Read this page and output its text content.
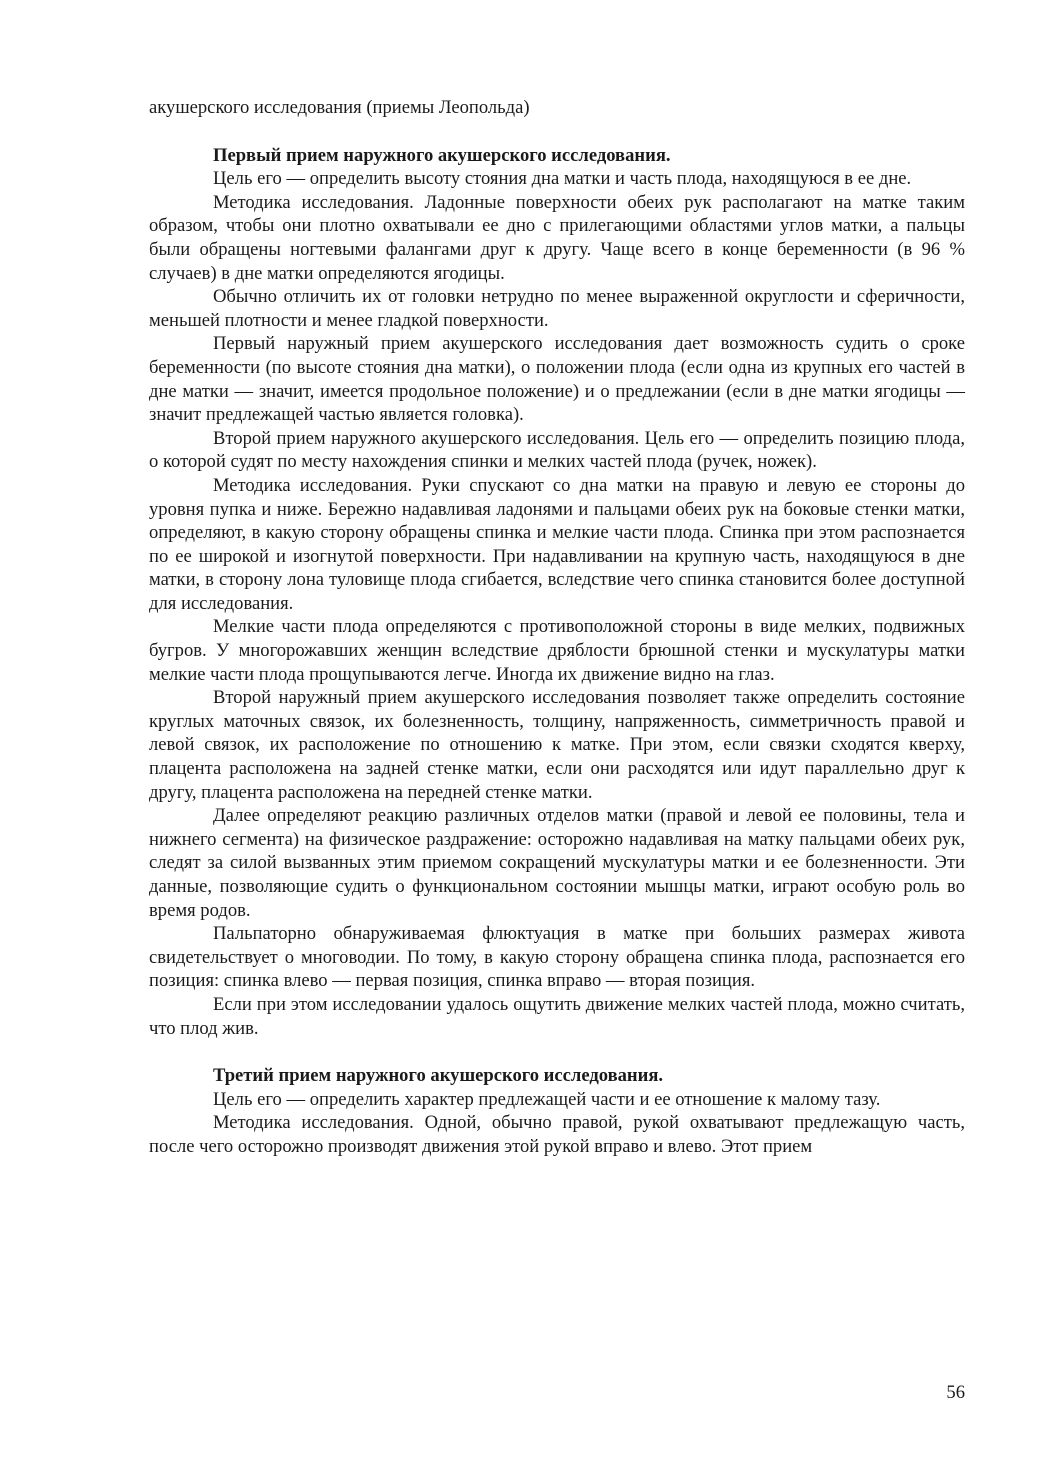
акушерского исследования (приемы Леопольда)

Первый прием наружного акушерского исследования.

Цель его — определить высоту стояния дна матки и часть плода, находящуюся в ее дне.

Методика исследования. Ладонные поверхности обеих рук располагают на матке таким образом, чтобы они плотно охватывали ее дно с прилегающими областями углов матки, а пальцы были обращены ногтевыми фалангами друг к другу. Чаще всего в конце беременности (в 96 % случаев) в дне матки определяются ягодицы.

Обычно отличить их от головки нетрудно по менее выраженной округлости и сферичности, меньшей плотности и менее гладкой поверхности.

Первый наружный прием акушерского исследования дает возможность судить о сроке беременности (по высоте стояния дна матки), о положении плода (если одна из крупных его частей в дне матки — значит, имеется продольное положение) и о предлежании (если в дне матки ягодицы — значит предлежащей частью является головка).

Второй прием наружного акушерского исследования. Цель его — определить позицию плода, о которой судят по месту нахождения спинки и мелких частей плода (ручек, ножек).

Методика исследования. Руки спускают со дна матки на правую и левую ее стороны до уровня пупка и ниже. Бережно надавливая ладонями и пальцами обеих рук на боковые стенки матки, определяют, в какую сторону обращены спинка и мелкие части плода. Спинка при этом распознается по ее широкой и изогнутой поверхности. При надавливании на крупную часть, находящуюся в дне матки, в сторону лона туловище плода сгибается, вследствие чего спинка становится более доступной для исследования.

Мелкие части плода определяются с противоположной стороны в виде мелких, подвижных бугров. У многорожавших женщин вследствие дряблости брюшной стенки и мускулатуры матки мелкие части плода прощупываются легче. Иногда их движение видно на глаз.

Второй наружный прием акушерского исследования позволяет также определить состояние круглых маточных связок, их болезненность, толщину, напряженность, симметричность правой и левой связок, их расположение по отношению к матке. При этом, если связки сходятся кверху, плацента расположена на задней стенке матки, если они расходятся или идут параллельно друг к другу, плацента расположена на передней стенке матки.

Далее определяют реакцию различных отделов матки (правой и левой ее половины, тела и нижнего сегмента) на физическое раздражение: осторожно надавливая на матку пальцами обеих рук, следят за силой вызванных этим приемом сокращений мускулатуры матки и ее болезненности. Эти данные, позволяющие судить о функциональном состоянии мышцы матки, играют особую роль во время родов.

Пальпаторно обнаруживаемая флюктуация в матке при больших размерах живота свидетельствует о многоводии. По тому, в какую сторону обращена спинка плода, распознается его позиция: спинка влево — первая позиция, спинка вправо — вторая позиция.

Если при этом исследовании удалось ощутить движение мелких частей плода, можно считать, что плод жив.

Третий прием наружного акушерского исследования.

Цель его — определить характер предлежащей части и ее отношение к малому тазу.

Методика исследования. Одной, обычно правой, рукой охватывают предлежащую часть, после чего осторожно производят движения этой рукой вправо и влево. Этот прием

56
